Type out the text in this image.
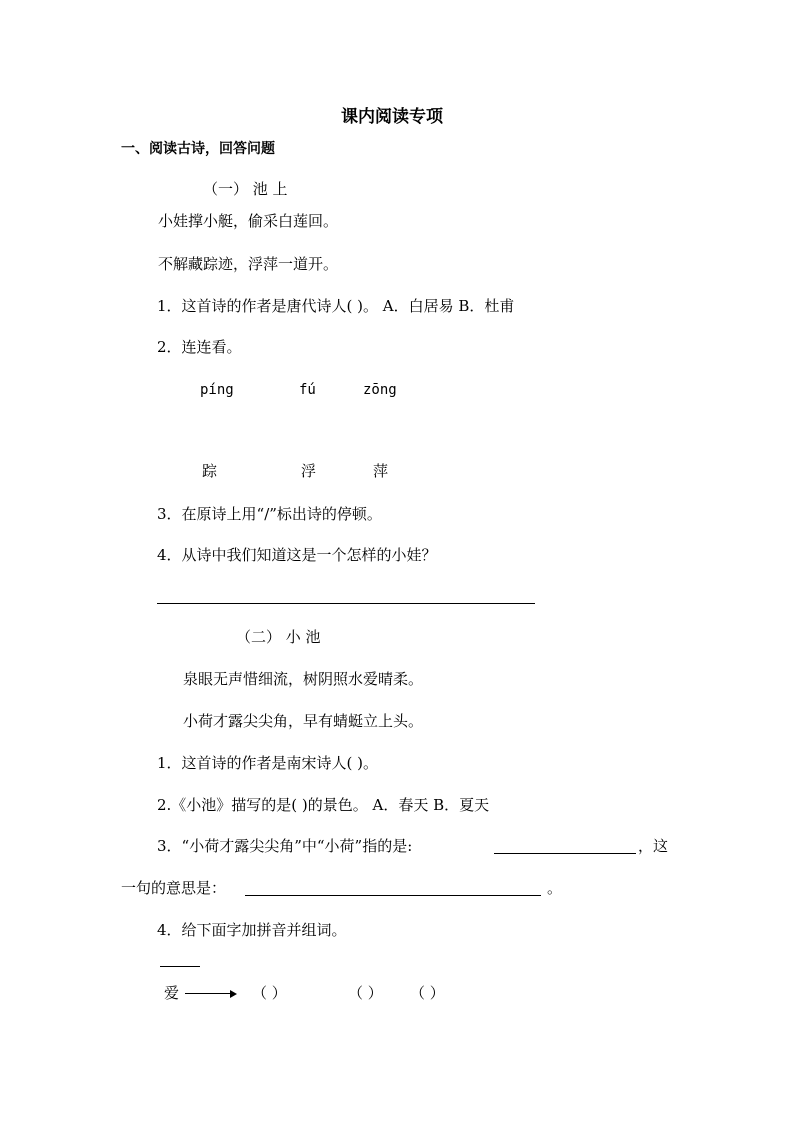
课内阅读专项
一、阅读古诗，回答问题
（一） 池 上
小娃撑小艇，偷采白莲回。
不解藏踪迹，浮萍一道开。
1．这首诗的作者是唐代诗人( )。 A．白居易 B．杜甫
2．连连看。
píng	fú	zōng
踪	浮	萍
3．在原诗上用“/”标出诗的停顿。
4．从诗中我们知道这是一个怎样的小娃？
（二） 小 池
泉眼无声惜细流，树阴照水爱晴柔。
小荷才露尖尖角，早有蜻蜓立上头。
1．这首诗的作者是南宋诗人( )。
2.《小池》描写的是( )的景色。 A．春天 B．夏天
3．“小荷才露尖尖角”中“小荷”指的是:	，这
一句的意思是：	。
4．给下面字加拼音并组词。
爱	（ ）	（ ） （ ）
